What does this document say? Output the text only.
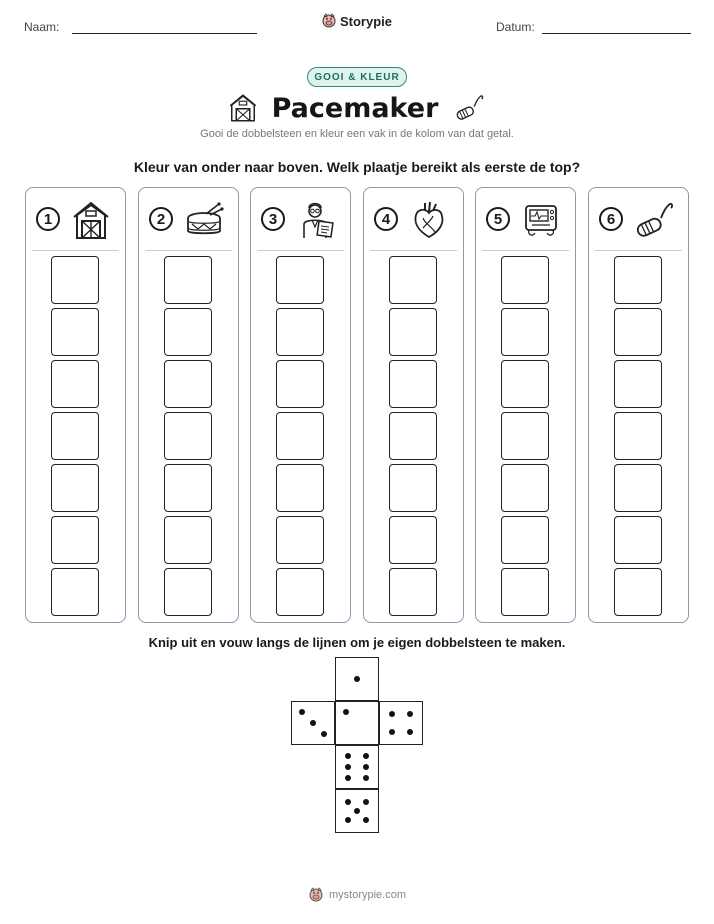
Naam:	Datum:
Storypie
GOOI & KLEUR
Pacemaker
Gooi de dobbelsteen en kleur een vak in de kolom van dat getal.
Kleur van onder naar boven. Welk plaatje bereikt als eerste de top?
1	2	3	4	5	6
Knip uit en vouw langs de lijnen om je eigen dobbelsteen te maken.
mystorypie.com
